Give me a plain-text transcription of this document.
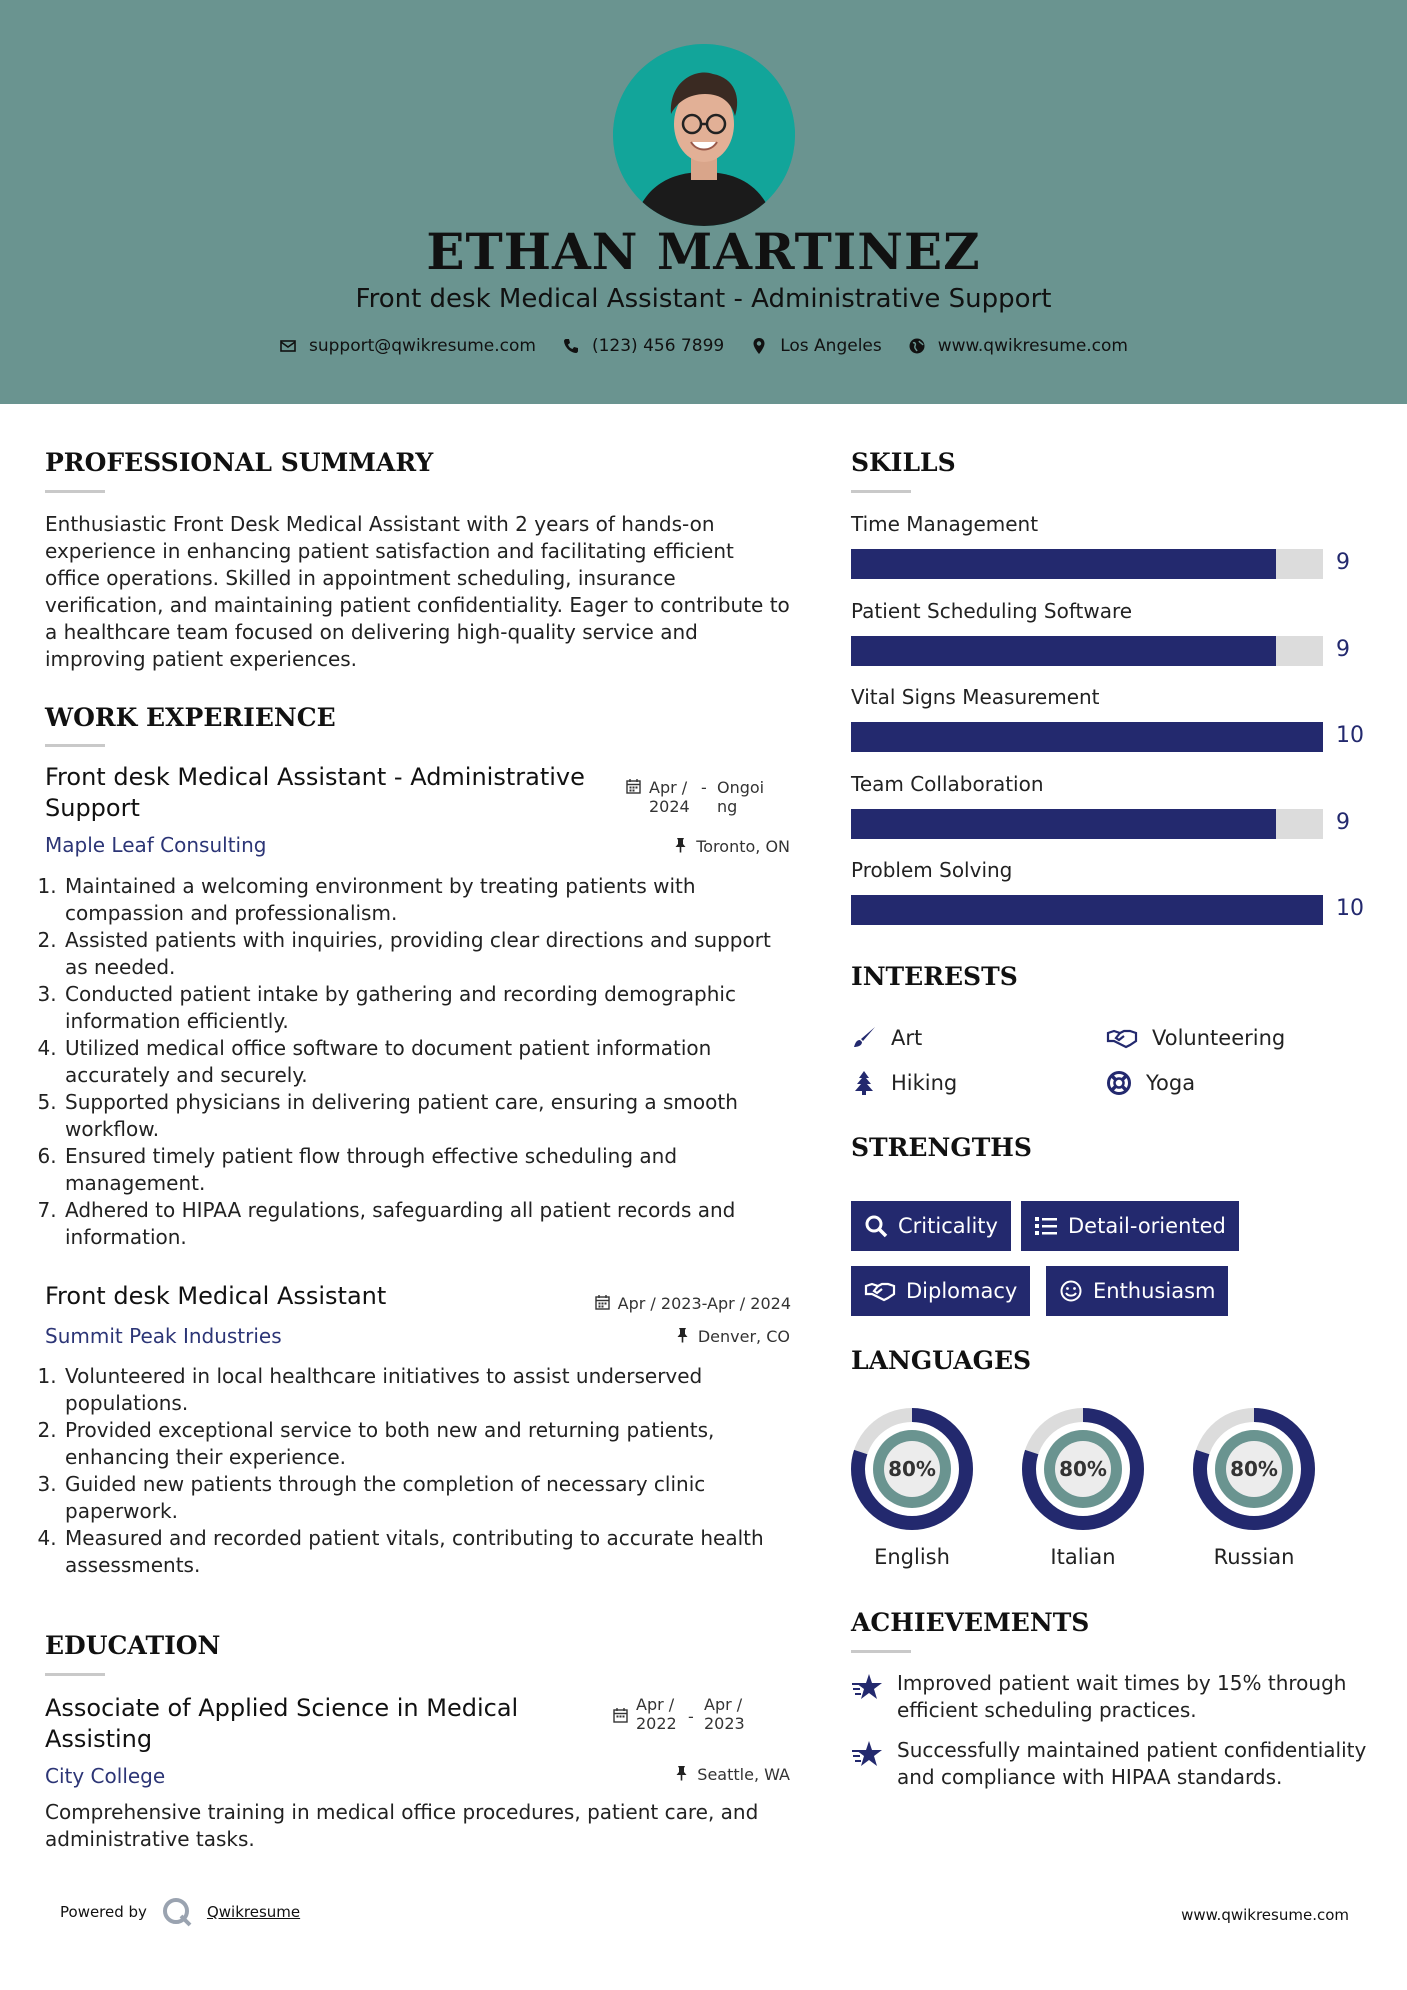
ETHAN MARTINEZ
Front desk Medical Assistant - Administrative Support
support@qwikresume.com	(123) 456 7899	Los Angeles	www.qwikresume.com
PROFESSIONAL SUMMARY
Enthusiastic Front Desk Medical Assistant with 2 years of hands-on experience in enhancing patient satisfaction and facilitating efficient office operations. Skilled in appointment scheduling, insurance verification, and maintaining patient confidentiality. Eager to contribute to a healthcare team focused on delivering high-quality service and improving patient experiences.
WORK EXPERIENCE
Front desk Medical Assistant - Administrative Support
Apr / 2024
- Ongoing
Maple Leaf Consulting	Toronto, ON
1. Maintained a welcoming environment by treating patients with compassion and professionalism.
2. Assisted patients with inquiries, providing clear directions and support as needed.
3. Conducted patient intake by gathering and recording demographic information efficiently.
4. Utilized medical office software to document patient information accurately and securely.
5. Supported physicians in delivering patient care, ensuring a smooth workflow.
6. Ensured timely patient flow through effective scheduling and management.
7. Adhered to HIPAA regulations, safeguarding all patient records and information.
Front desk Medical Assistant	Apr / 2023-Apr / 2024
Summit Peak Industries	Denver, CO
1. Volunteered in local healthcare initiatives to assist underserved populations.
2. Provided exceptional service to both new and returning patients, enhancing their experience.
3. Guided new patients through the completion of necessary clinic paperwork.
4. Measured and recorded patient vitals, contributing to accurate health assessments.
EDUCATION
Associate of Applied Science in Medical Assisting
Apr / 2022 -
Apr / 2023
City College	Seattle, WA
Comprehensive training in medical office procedures, patient care, and administrative tasks.
SKILLS
Time Management
9
Patient Scheduling Software
9
Vital Signs Measurement
10
Team Collaboration
9
Problem Solving
10
INTERESTS
Art	Volunteering
Hiking	Yoga
STRENGTHS
Criticality	Detail-oriented
Diplomacy	Enthusiasm
LANGUAGES
80%
English
80%
Italian
80%
Russian
ACHIEVEMENTS
Improved patient wait times by 15% through efficient scheduling practices.
Successfully maintained patient confidentiality and compliance with HIPAA standards.
Powered by	Qwikresume	www.qwikresume.com
